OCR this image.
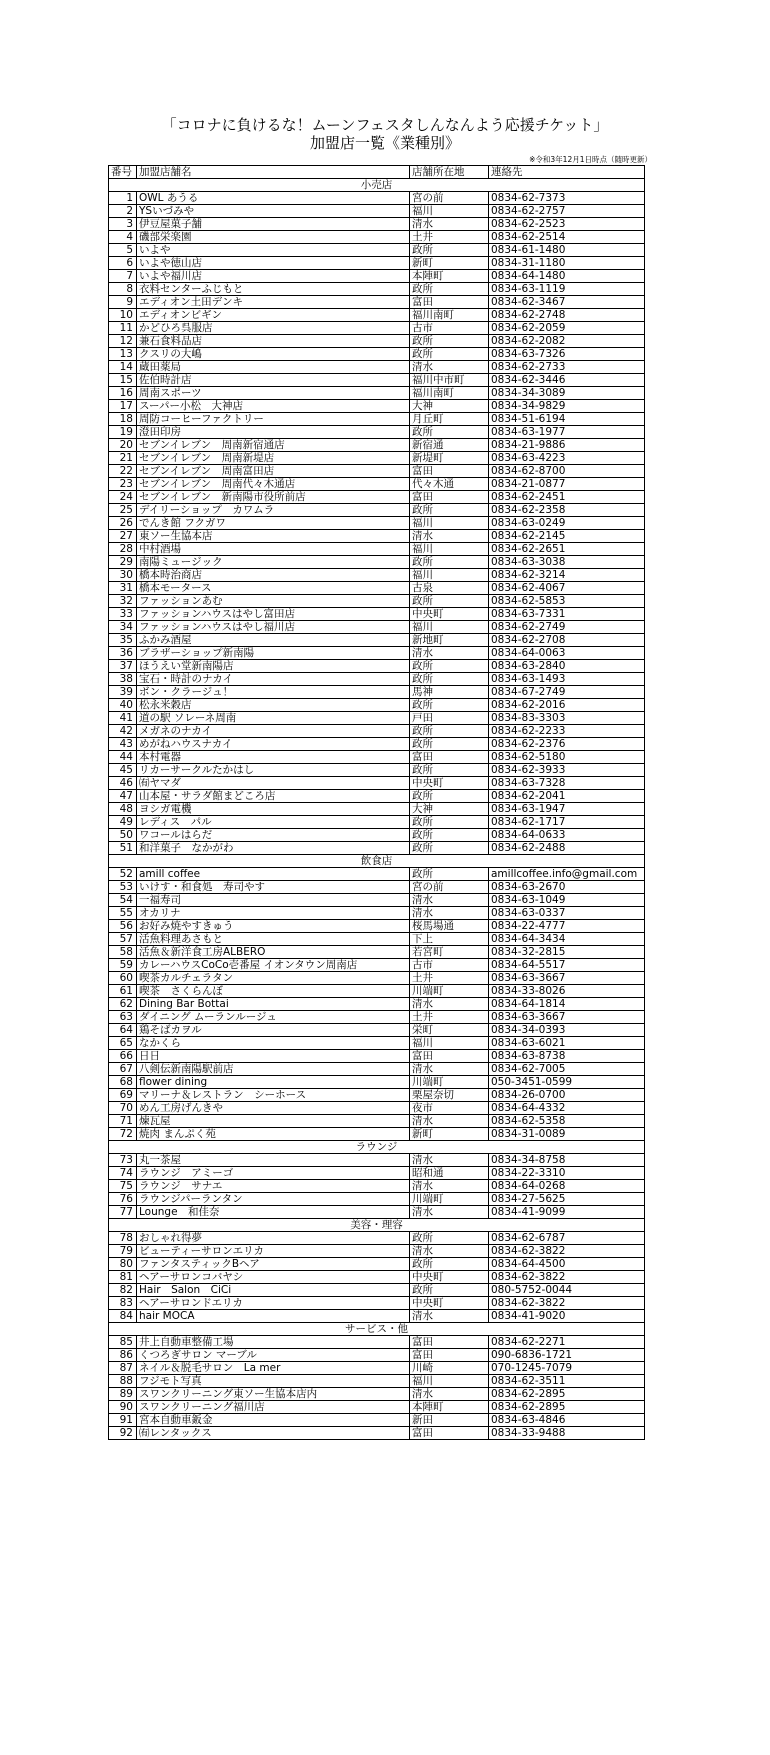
「コロナに負けるな！ムーンフェスタしんなんよう応援チケット」
加盟店一覧《業種別》
※令和3年12月1日時点（随時更新）
番号	加盟店舗名	店舗所在地	連絡先
小売店			
1	OWL あうる	宮の前	0834-62-7373
2	YSいづみや	福川	0834-62-2757
3	伊豆屋菓子舗	清水	0834-62-2523
4	磯部栄楽園	土井	0834-62-2514
5	いよや	政所	0834-61-1480
6	いよや徳山店	新町	0834-31-1180
7	いよや福川店	本陣町	0834-64-1480
8	衣料センターふじもと	政所	0834-63-1119
9	エディオン土田デンキ	富田	0834-62-3467
10	エディオンビギン	福川南町	0834-62-2748
11	かどひろ呉服店	古市	0834-62-2059
12	兼石食料品店	政所	0834-62-2082
13	クスリの大嶋	政所	0834-63-7326
14	蔵田薬局	清水	0834-62-2733
15	佐伯時計店	福川中市町	0834-62-3446
16	周南スポーツ	福川南町	0834-34-3089
17	スーパー小松　大神店	大神	0834-34-9829
18	周防コーヒーファクトリー	月丘町	0834-51-6194
19	澄田印房	政所	0834-63-1977
20	セブンイレブン　周南新宿通店	新宿通	0834-21-9886
21	セブンイレブン　周南新堤店	新堤町	0834-63-4223
22	セブンイレブン　周南富田店	富田	0834-62-8700
23	セブンイレブン　周南代々木通店	代々木通	0834-21-0877
24	セブンイレブン　新南陽市役所前店	富田	0834-62-2451
25	デイリーショップ　カワムラ	政所	0834-62-2358
26	でんき館 フクガワ	福川	0834-63-0249
27	東ソー生協本店	清水	0834-62-2145
28	中村酒場	福川	0834-62-2651
29	南陽ミュージック	政所	0834-63-3038
30	橋本時治商店	福川	0834-62-3214
31	橋本モータース	古泉	0834-62-4067
32	ファッションあむ	政所	0834-62-5853
33	ファッションハウスはやし富田店	中央町	0834-63-7331
34	ファッションハウスはやし福川店	福川	0834-62-2749
35	ふかみ酒屋	新地町	0834-62-2708
36	ブラザーショップ新南陽	清水	0834-64-0063
37	ほうえい堂新南陽店	政所	0834-63-2840
38	宝石・時計のナカイ	政所	0834-63-1493
39	ボン・クラージュ！	馬神	0834-67-2749
40	松永米穀店	政所	0834-62-2016
41	道の駅 ソレーネ周南	戸田	0834-83-3303
42	メガネのナカイ	政所	0834-62-2233
43	めがねハウスナカイ	政所	0834-62-2376
44	本村電器	富田	0834-62-5180
45	リカーサークルたかはし	政所	0834-62-3933
46	㈲ヤマダ	中央町	0834-63-7328
47	山本屋・サラダ館まどころ店	政所	0834-62-2041
48	ヨシガ電機	大神	0834-63-1947
49	レディス　パル	政所	0834-62-1717
50	ワコールはらだ	政所	0834-64-0633
51	和洋菓子　なかがわ	政所	0834-62-2488
飲食店			
52	amill coffee	政所	amillcoffee.info@gmail.com
53	いけす・和食処　寿司やす	宮の前	0834-63-2670
54	一福寿司	清水	0834-63-1049
55	オカリナ	清水	0834-63-0337
56	お好み焼やすきゅう	桜馬場通	0834-22-4777
57	活魚料理あさもと	下上	0834-64-3434
58	活魚＆新洋食工房ALBERO	若宮町	0834-32-2815
59	カレーハウスCoCo壱番屋 イオンタウン周南店	古市	0834-64-5517
60	喫茶カルチェラタン	土井	0834-63-3667
61	喫茶　さくらんぼ	川端町	0834-33-8026
62	Dining Bar Bottai	清水	0834-64-1814
63	ダイニング ムーランルージュ	土井	0834-63-3667
64	鶏そばカヲル	栄町	0834-34-0393
65	なかくら	福川	0834-63-6021
66	日日	富田	0834-63-8738
67	八剣伝新南陽駅前店	清水	0834-62-7005
68	flower dining	川端町	050-3451-0599
69	マリーナ＆レストラン　シーホース	栗屋奈切	0834-26-0700
70	めん工房げんきや	夜市	0834-64-4332
71	煉瓦屋	清水	0834-62-5358
72	焼肉 まんぷく苑	新町	0834-31-0089
ラウンジ			
73	丸一茶屋	清水	0834-34-8758
74	ラウンジ　アミーゴ	昭和通	0834-22-3310
75	ラウンジ　サナエ	清水	0834-64-0268
76	ラウンジパーランタン	川端町	0834-27-5625
77	Lounge　和佳奈	清水	0834-41-9099
美容・理容			
78	おしゃれ得夢	政所	0834-62-6787
79	ビューティーサロンエリカ	清水	0834-62-3822
80	ファンタスティックBヘア	政所	0834-64-4500
81	ヘアーサロンコバヤシ	中央町	0834-62-3822
82	Hair　Salon　CiCi	政所	080-5752-0044
83	ヘアーサロンドエリカ	中央町	0834-62-3822
84	hair MOCA	清水	0834-41-9020
サービス・他			
85	井上自動車整備工場	富田	0834-62-2271
86	くつろぎサロン マーブル	富田	090-6836-1721
87	ネイル＆脱毛サロン　La mer	川崎	070-1245-7079
88	フジモト写真	福川	0834-62-3511
89	スワンクリーニング東ソー生協本店内	清水	0834-62-2895
90	スワンクリーニング福川店	本陣町	0834-62-2895
91	宮本自動車鈑金	新田	0834-63-4846
92	㈲レンタックス	富田	0834-33-9488
